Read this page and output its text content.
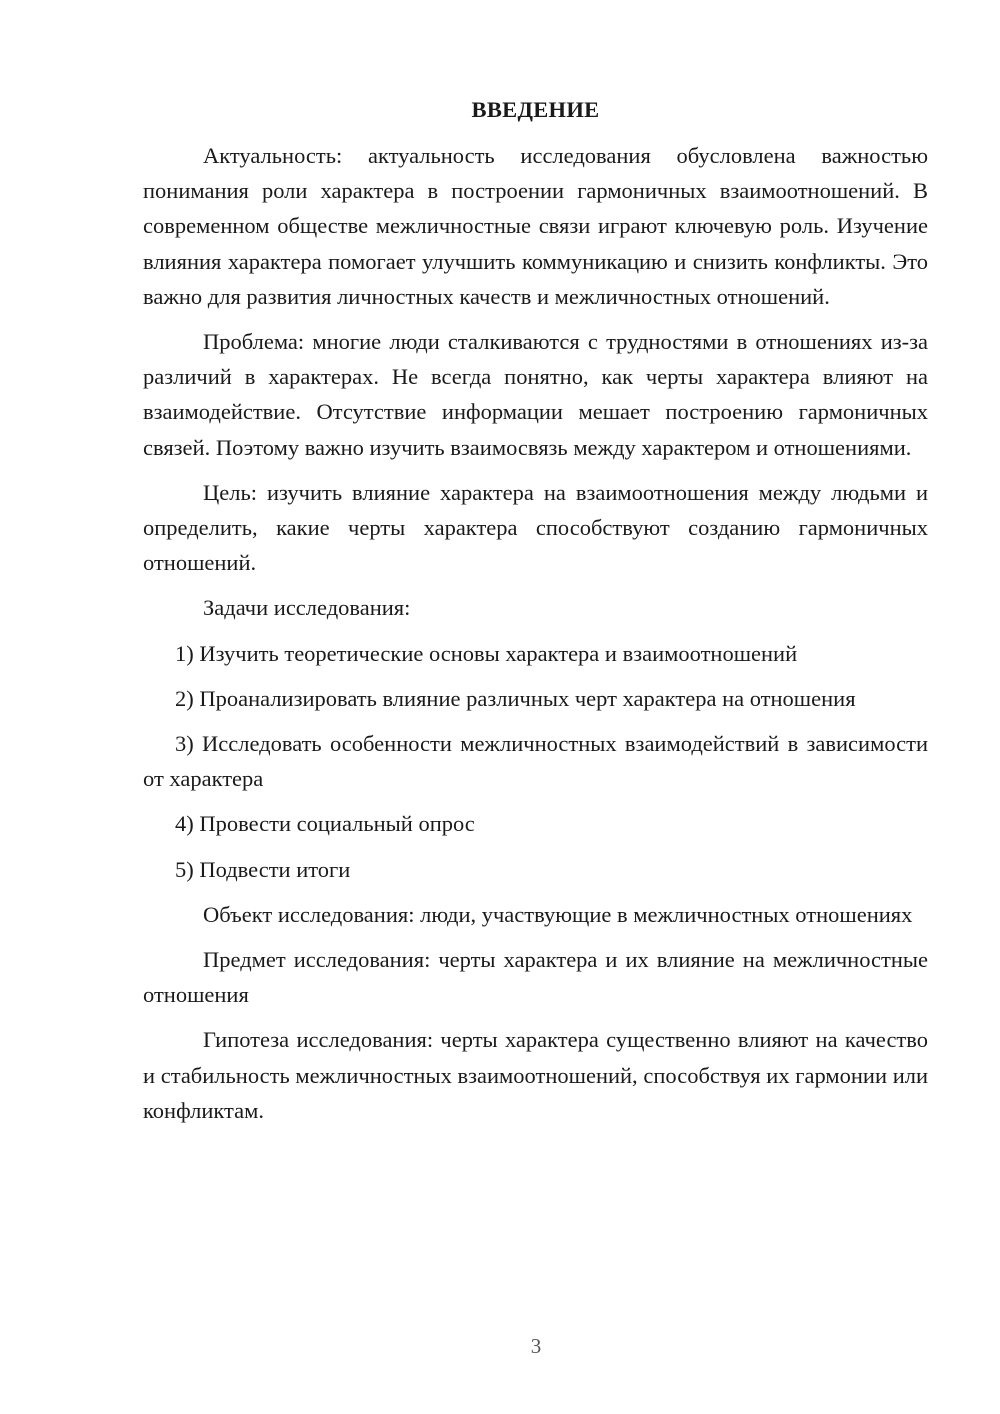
ВВЕДЕНИЕ

Актуальность: актуальность исследования обусловлена важностью понимания роли характера в построении гармоничных взаимоотношений. В современном обществе межличностные связи играют ключевую роль. Изучение влияния характера помогает улучшить коммуникацию и снизить конфликты. Это важно для развития личностных качеств и межличностных отношений.

Проблема: многие люди сталкиваются с трудностями в отношениях из-за различий в характерах. Не всегда понятно, как черты характера влияют на взаимодействие. Отсутствие информации мешает построению гармоничных связей. Поэтому важно изучить взаимосвязь между характером и отношениями.

Цель: изучить влияние характера на взаимоотношения между людьми и определить, какие черты характера способствуют созданию гармоничных отношений.

Задачи исследования:

1) Изучить теоретические основы характера и взаимоотношений

2) Проанализировать влияние различных черт характера на отношения

3) Исследовать особенности межличностных взаимодействий в зависимости от характера

4) Провести социальный опрос

5) Подвести итоги

Объект исследования: люди, участвующие в межличностных отношениях

Предмет исследования: черты характера и их влияние на межличностные отношения

Гипотеза исследования: черты характера существенно влияют на качество и стабильность межличностных взаимоотношений, способствуя их гармонии или конфликтам.

3
